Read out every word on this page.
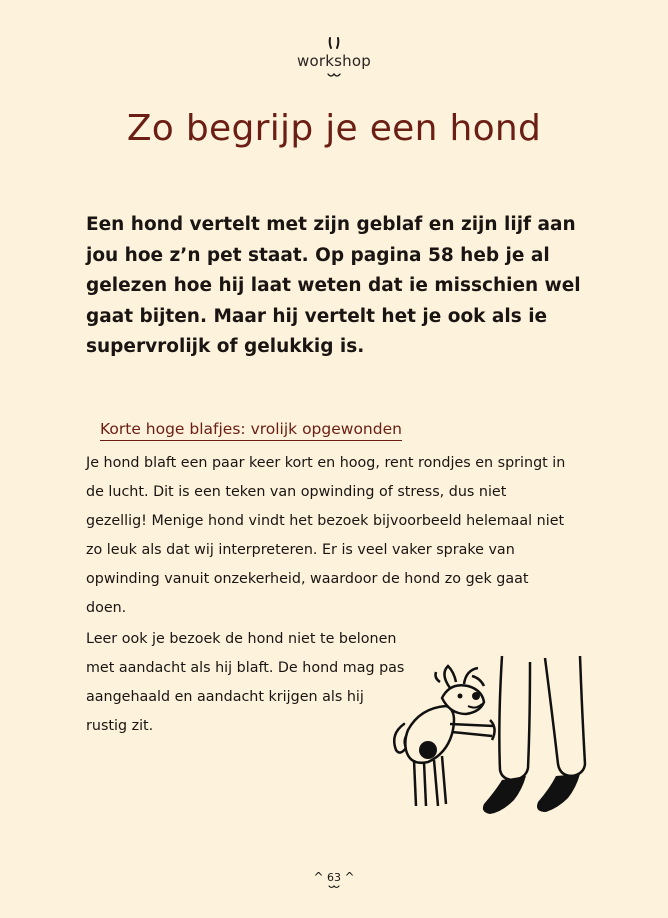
workshop
Zo begrijp je een hond

Een hond vertelt met zijn geblaf en zijn lijf aan jou hoe z’n pet staat. Op pagina 58 heb je al gelezen hoe hij laat weten dat ie misschien wel gaat bijten. Maar hij vertelt het je ook als ie supervrolijk of gelukkig is.

Korte hoge blafjes: vrolijk opgewonden

Je hond blaft een paar keer kort en hoog, rent rondjes en springt in de lucht. Dit is een teken van opwinding of stress, dus niet gezellig! Menige hond vindt het bezoek bijvoorbeeld helemaal niet zo leuk als dat wij interpreteren. Er is veel vaker sprake van opwinding vanuit onzekerheid, waardoor de hond zo gek gaat doen.

Leer ook je bezoek de hond niet te belonen met aandacht als hij blaft. De hond mag pas aangehaald en aandacht krijgen als hij rustig zit.

^ 63 ^
